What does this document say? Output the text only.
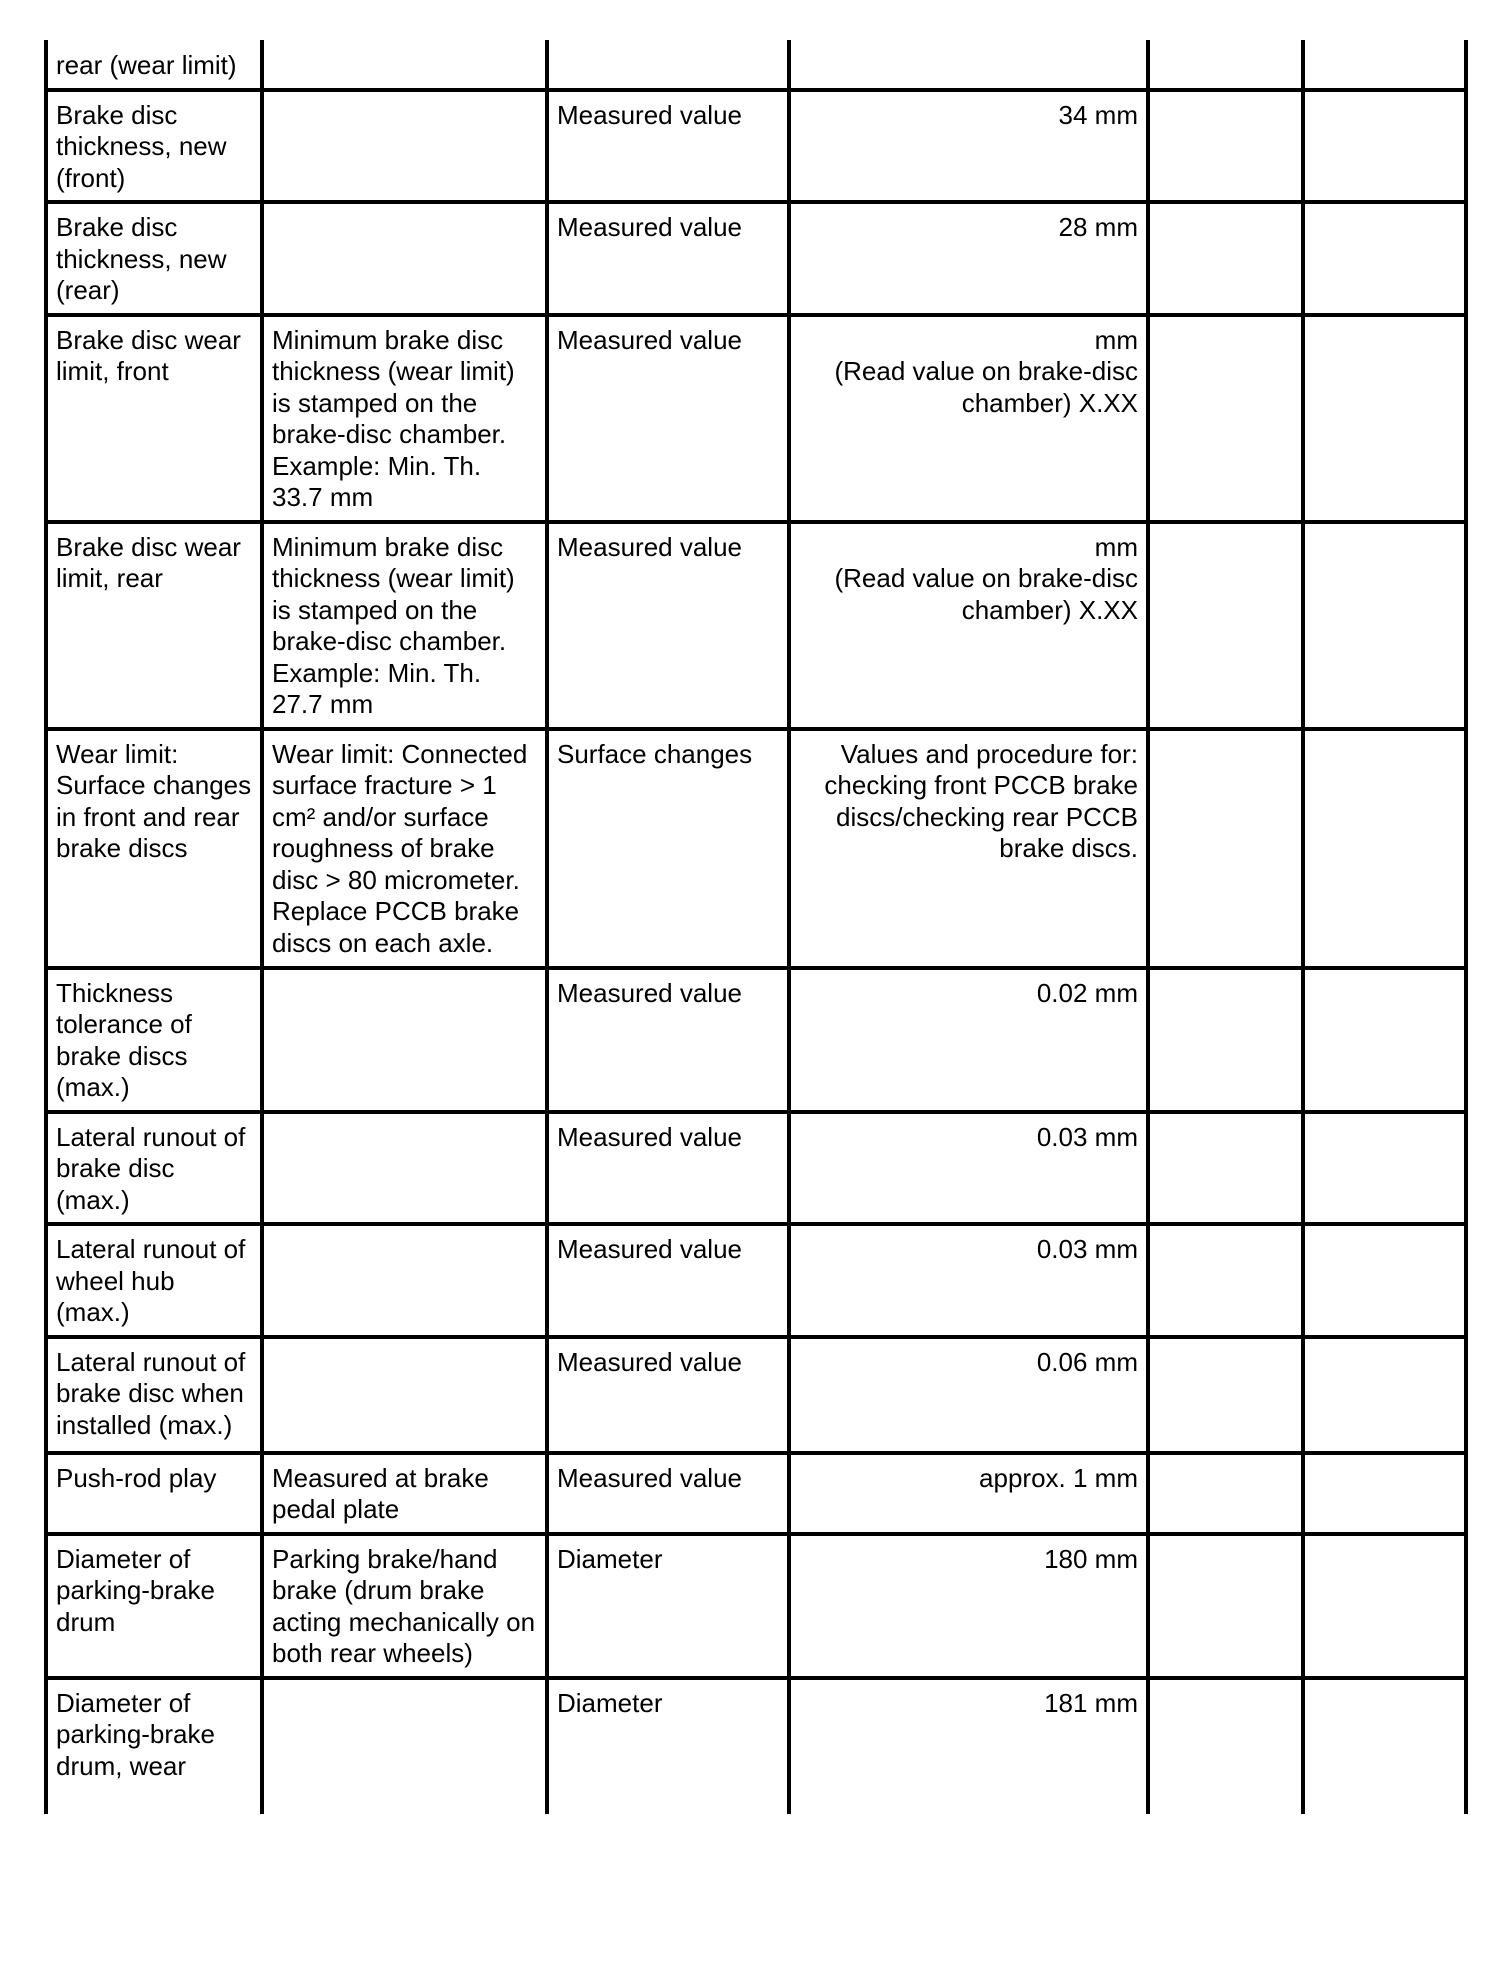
rear (wear limit)					
Brake disc thickness, new (front)		Measured value	34 mm		
Brake disc thickness, new (rear)		Measured value	28 mm		
Brake disc wear limit, front	Minimum brake disc thickness (wear limit) is stamped on the brake-disc chamber. Example: Min. Th. 33.7 mm	Measured value	mm
(Read value on brake-disc chamber) X.XX		
Brake disc wear limit, rear	Minimum brake disc thickness (wear limit) is stamped on the brake-disc chamber. Example: Min. Th. 27.7 mm	Measured value	mm
(Read value on brake-disc chamber) X.XX		
Wear limit: Surface changes in front and rear brake discs	Wear limit: Connected surface fracture > 1 cm² and/or surface roughness of brake disc > 80 micrometer. Replace PCCB brake discs on each axle.	Surface changes	Values and procedure for: checking front PCCB brake discs/checking rear PCCB brake discs.		
Thickness tolerance of brake discs (max.)		Measured value	0.02 mm		
Lateral runout of brake disc (max.)		Measured value	0.03 mm		
Lateral runout of wheel hub (max.)		Measured value	0.03 mm		
Lateral runout of brake disc when installed (max.)		Measured value	0.06 mm		
Push-rod play	Measured at brake pedal plate	Measured value	approx. 1 mm		
Diameter of parking-brake drum	Parking brake/hand brake (drum brake acting mechanically on both rear wheels)	Diameter	180 mm		
Diameter of parking-brake drum, wear		Diameter	181 mm		
